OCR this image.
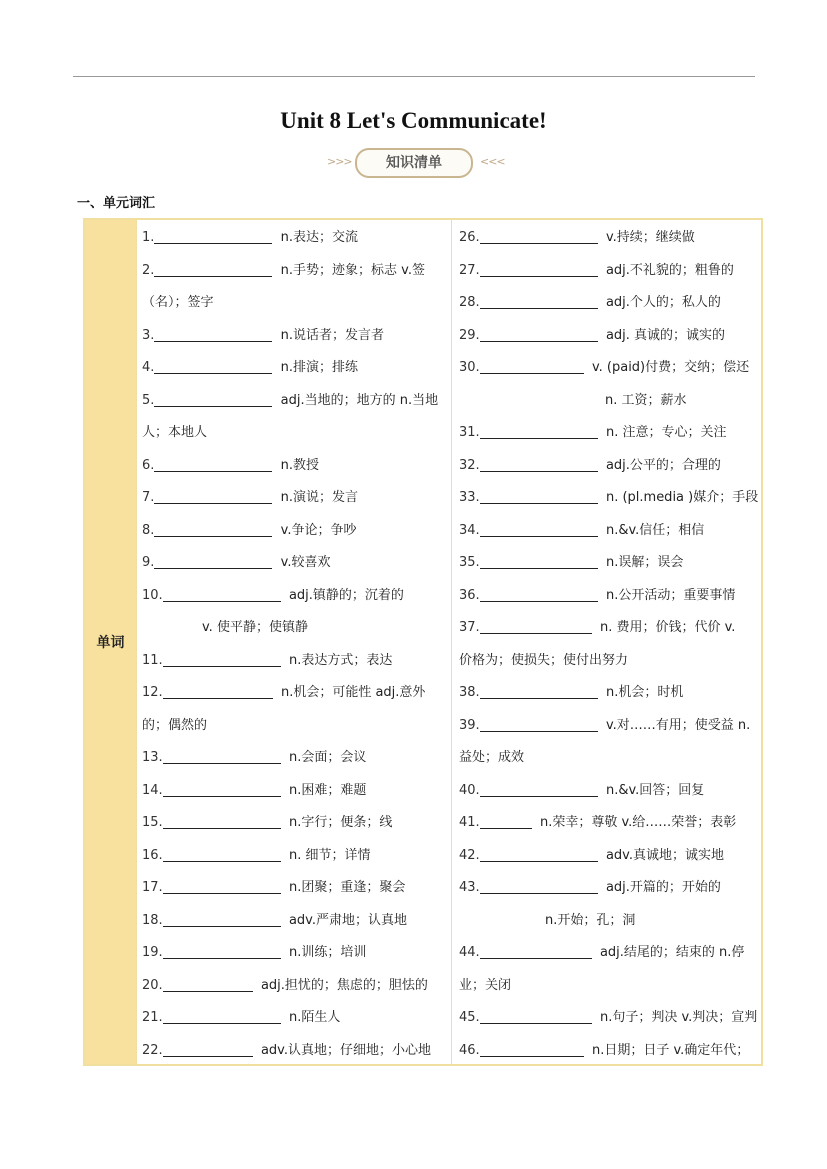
Unit 8 Let's Communicate!
>>>	知识清单	<<<
一、单元词汇
单词
1.	n.表达；交流
2.	n.手势；迹象；标志 v.签
（名）；签字
3.	n.说话者；发言者
4.	n.排演；排练
5.	adj.当地的；地方的 n.当地
人；本地人
6.	n.教授
7.	n.演说；发言
8.	v.争论；争吵
9.	v.较喜欢
10.	adj.镇静的；沉着的
v. 使平静；使镇静
11.	n.表达方式；表达
12.	n.机会；可能性 adj.意外
的；偶然的
13.	n.会面；会议
14.	n.困难；难题
15.	n.字行；便条；线
16.	n. 细节；详情
17.	n.团聚；重逢；聚会
18.	adv.严肃地；认真地
19.	n.训练；培训
20.	adj.担忧的；焦虑的；胆怯的
21.	n.陌生人
22.	adv.认真地；仔细地；小心地
26.	v.持续；继续做
27.	adj.不礼貌的；粗鲁的
28.	adj.个人的；私人的
29.	adj. 真诚的；诚实的
30.	v. (paid)付费；交纳；偿还
n. 工资；薪水
31.	n. 注意；专心；关注
32.	adj.公平的；合理的
33.	n. (pl.media )媒介；手段
34.	n.&v.信任；相信
35.	n.误解；误会
36.	n.公开活动；重要事情
37.	n. 费用；价钱；代价 v.
价格为；使损失；使付出努力
38.	n.机会；时机
39.	v.对……有用；使受益 n.
益处；成效
40.	n.&v.回答；回复
41.	n.荣幸；尊敬 v.给……荣誉；表彰
42.	adv.真诚地；诚实地
43.	adj.开篇的；开始的
n.开始；孔；洞
44.	adj.结尾的；结束的 n.停
业；关闭
45.	n.句子；判决 v.判决；宣判
46.	n.日期；日子 v.确定年代；
